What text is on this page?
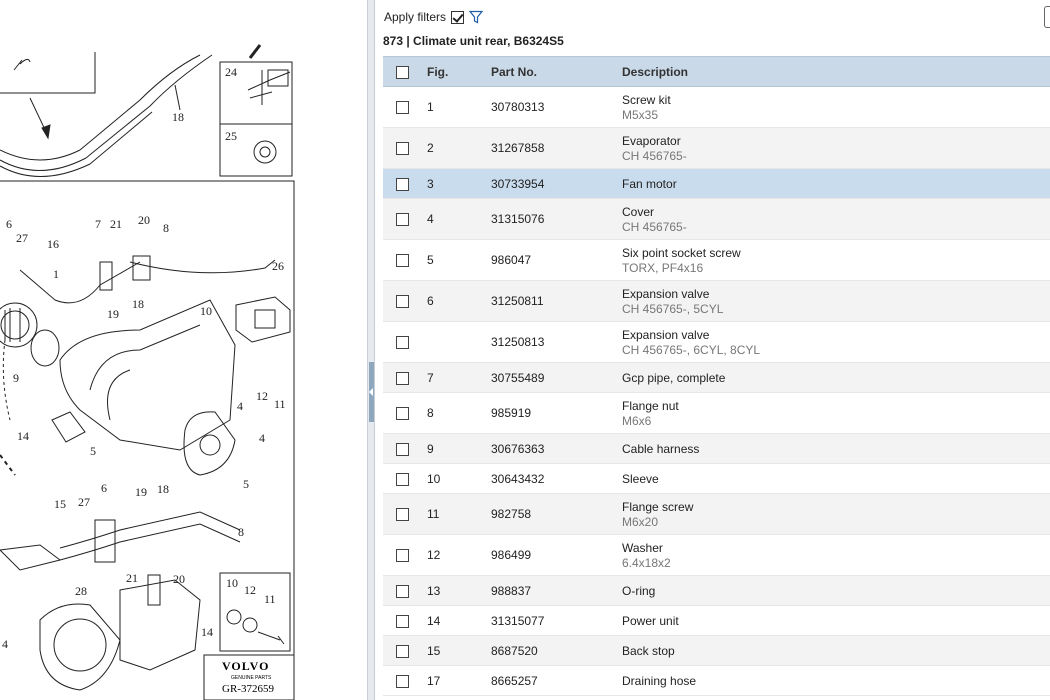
24
25
18
6
27 16
7 21 20
8
1
26
19
18	10
9
4
12
11
14
5
4
5
15 27
6 19 18
8
28
21	20
4
14
10 12
11
VOLVO
GENUINE PARTS
GR-372659
Apply filters
873 | Climate unit rear, B6324S5
	Fig.	Part No.	Description
	1	30780313	Screw kit
M5x35

	2	31267858	Evaporator
CH 456765-

	3	30733954	Fan motor

	4	31315076	Cover
CH 456765-

	5	986047	Six point socket screw
TORX, PF4x16

	6	31250811	Expansion valve
CH 456765-, 5CYL

		31250813	Expansion valve
CH 456765-, 6CYL, 8CYL

	7	30755489	Gcp pipe, complete

	8	985919	Flange nut
M6x6

	9	30676363	Cable harness

	10	30643432	Sleeve

	11	982758	Flange screw
M6x20

	12	986499	Washer
6.4x18x2

	13	988837	O-ring

	14	31315077	Power unit

	15	8687520	Back stop

	17	8665257	Draining hose
